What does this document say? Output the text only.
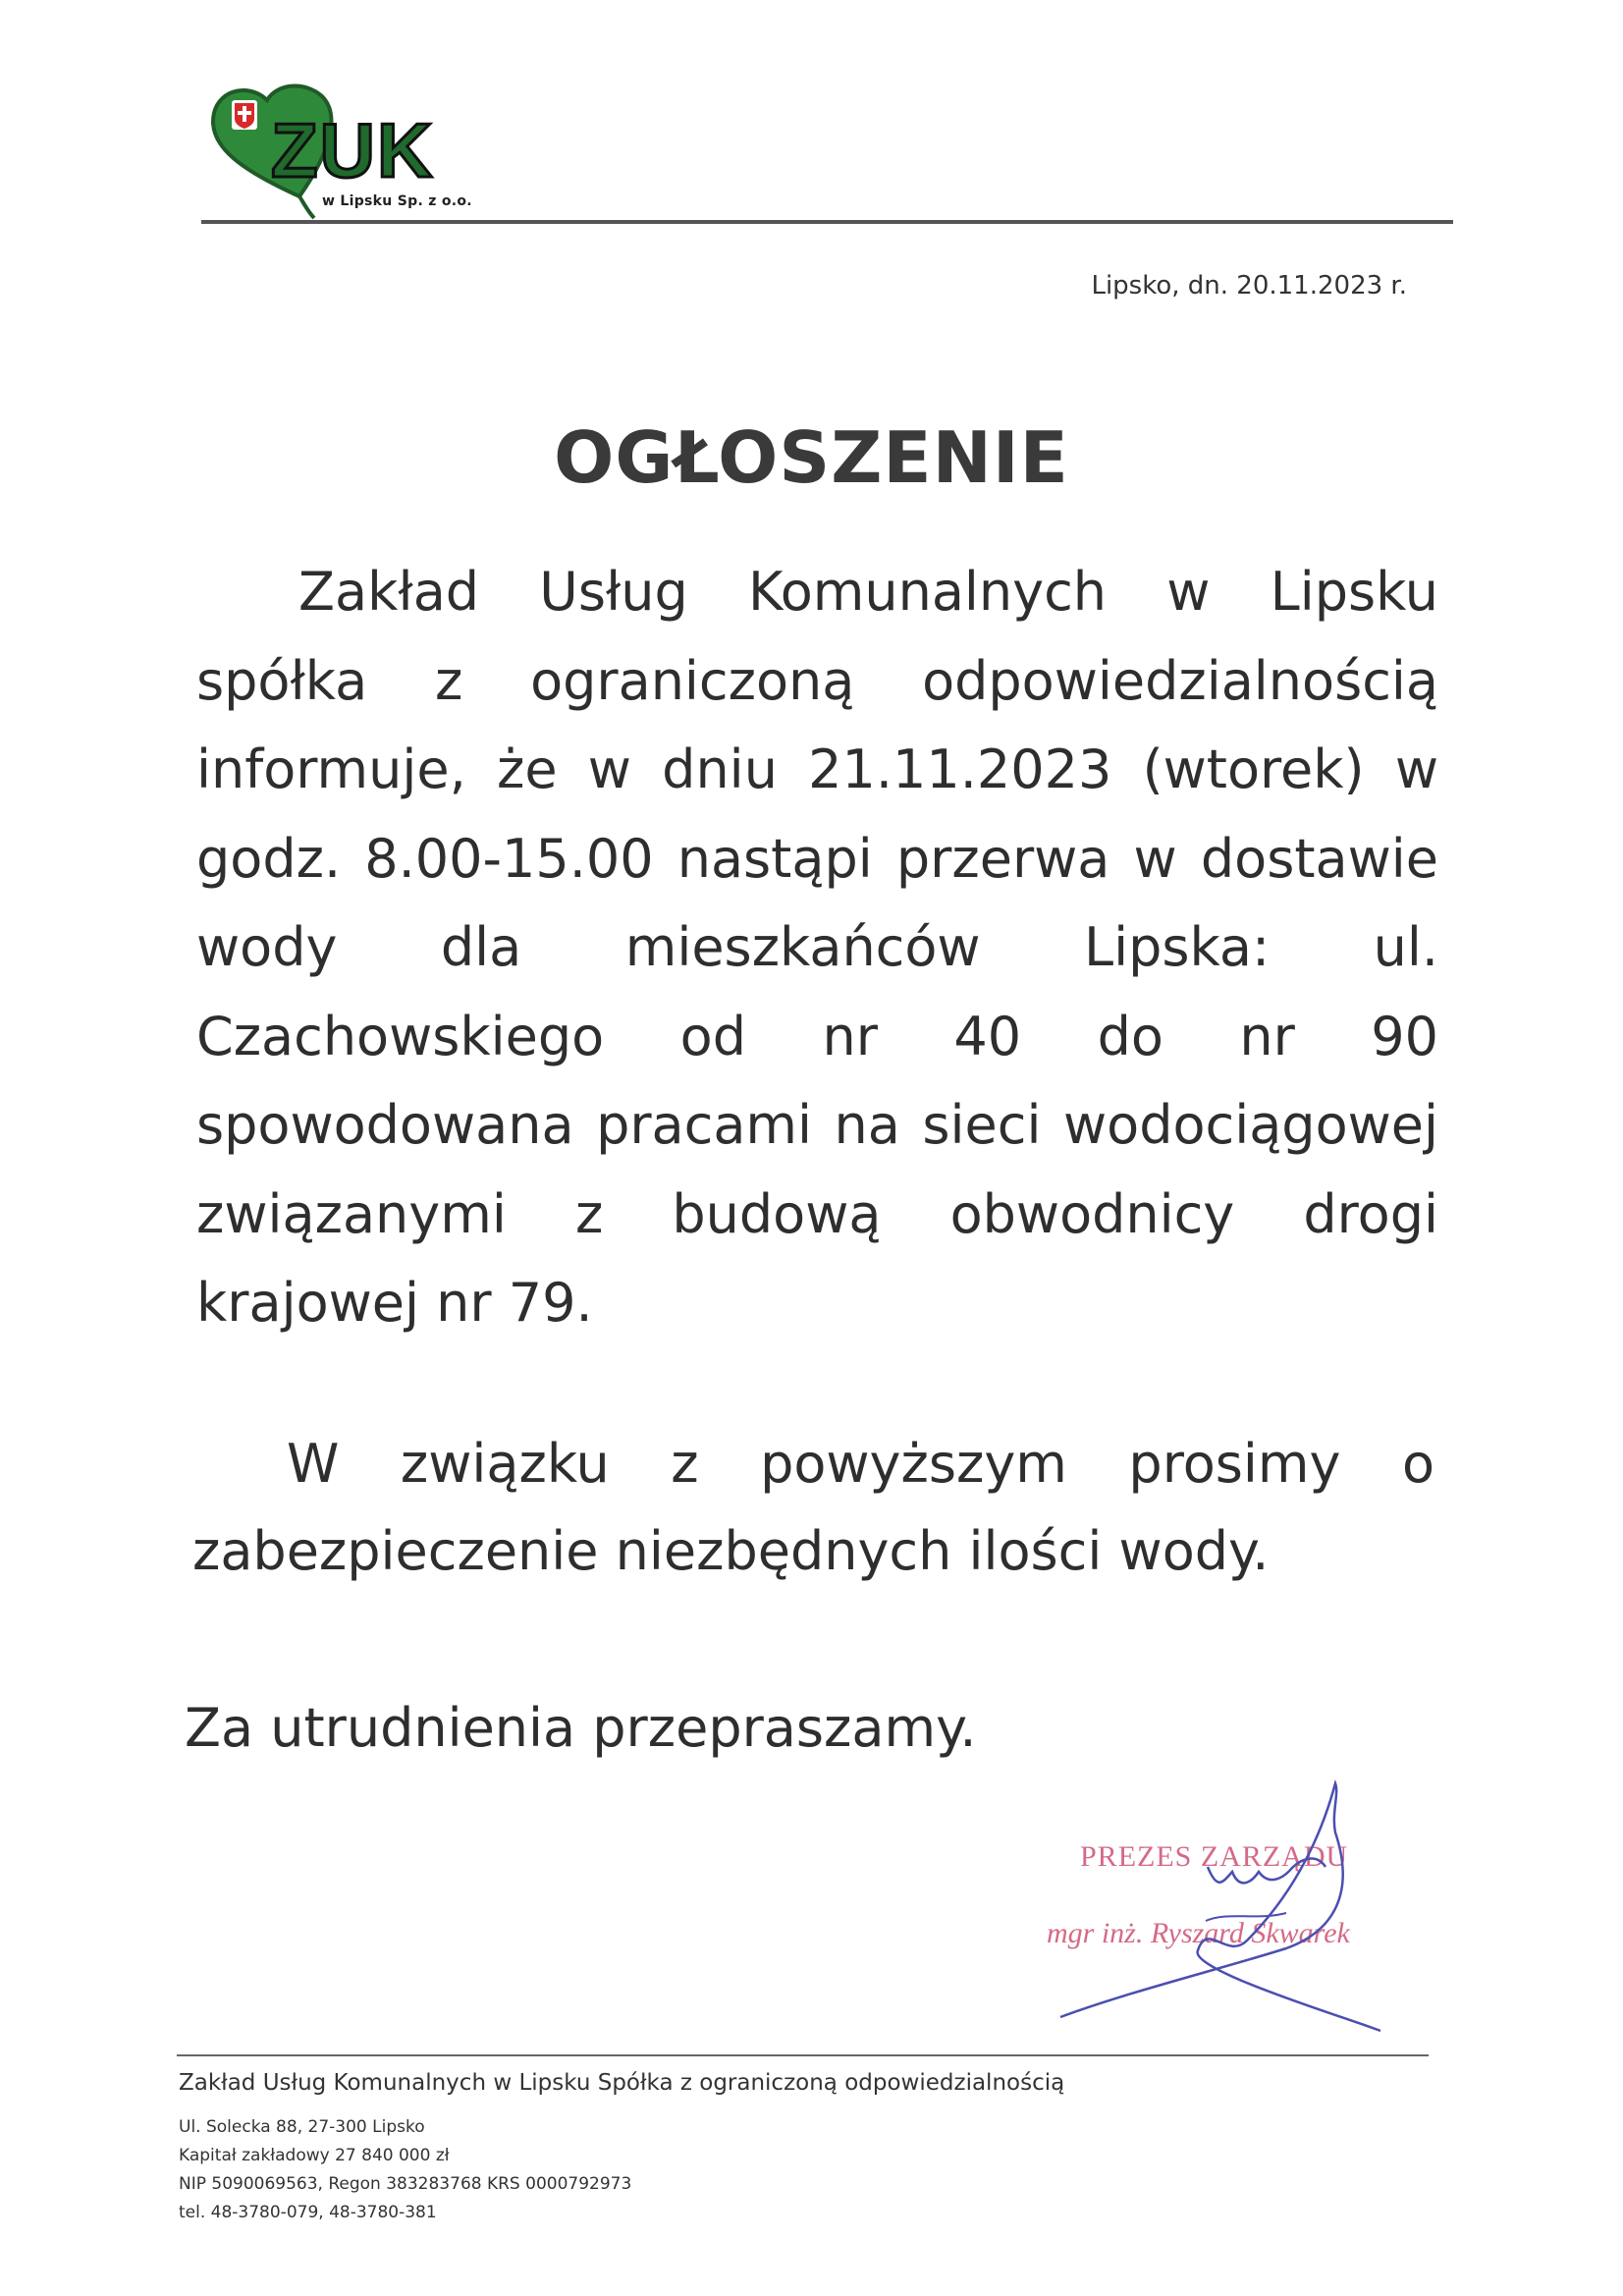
ZUK
w Lipsku Sp. z o.o.
Lipsko, dn. 20.11.2023 r.
OGŁOSZENIE

Zakład Usług Komunalnych w Lipsku spółka z ograniczoną odpowiedzialnością informuje, że w dniu 21.11.2023 (wtorek) w godz. 8.00-15.00 nastąpi przerwa w dostawie wody dla mieszkańców Lipska: ul. Czachowskiego od nr 40 do nr 90 spowodowana pracami na sieci wodociągowej związanymi z budową obwodnicy drogi krajowej nr 79.

W związku z powyższym prosimy o zabezpieczenie niezbędnych ilości wody.

Za utrudnienia przepraszamy.

PREZES ZARZĄDU
mgr inż. Ryszard Skwarek
Zakład Usług Komunalnych w Lipsku Spółka z ograniczoną odpowiedzialnością
Ul. Solecka 88, 27-300 Lipsko
Kapitał zakładowy 27 840 000 zł
NIP 5090069563, Regon 383283768 KRS 0000792973
tel. 48-3780-079, 48-3780-381
